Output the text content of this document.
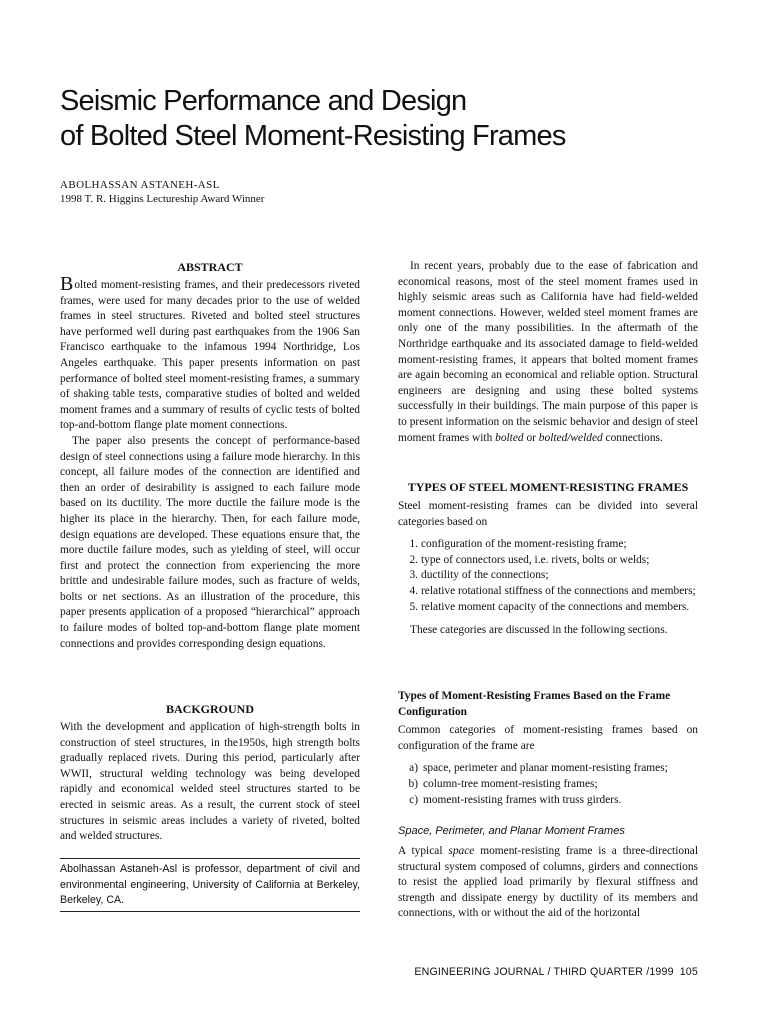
Seismic Performance and Design
of Bolted Steel Moment-Resisting Frames
ABOLHASSAN ASTANEH-ASL
1998 T. R. Higgins Lectureship Award Winner
ABSTRACT

Bolted moment-resisting frames, and their predecessors riveted frames, were used for many decades prior to the use of welded frames in steel structures. Riveted and bolted steel structures have performed well during past earthquakes from the 1906 San Francisco earthquake to the infamous 1994 Northridge, Los Angeles earthquake. This paper presents information on past performance of bolted steel moment-resisting frames, a summary of shaking table tests, comparative studies of bolted and welded moment frames and a summary of results of cyclic tests of bolted top-and-bottom flange plate moment connections.

The paper also presents the concept of performance-based design of steel connections using a failure mode hierarchy. In this concept, all failure modes of the connection are identified and then an order of desirability is assigned to each failure mode based on its ductility. The more ductile the failure mode is the higher its place in the hierarchy. Then, for each failure mode, design equations are developed. These equations ensure that, the more ductile failure modes, such as yielding of steel, will occur first and protect the connection from experiencing the more brittle and undesirable failure modes, such as fracture of welds, bolts or net sections. As an illustration of the procedure, this paper presents application of a proposed “hierarchical” approach to failure modes of bolted top-and-bottom flange plate moment connections and provides corresponding design equations.

BACKGROUND

With the development and application of high-strength bolts in construction of steel structures, in the1950s, high strength bolts gradually replaced rivets. During this period, particularly after WWII, structural welding technology was being developed rapidly and economical welded steel structures started to be erected in seismic areas. As a result, the current stock of steel structures in seismic areas includes a variety of riveted, bolted and welded structures.

Abolhassan Astaneh-Asl is professor, department of civil and environmental engineering, University of California at Berkeley, Berkeley, CA.

In recent years, probably due to the ease of fabrication and economical reasons, most of the steel moment frames used in highly seismic areas such as California have had field-welded moment connections. However, welded steel moment frames are only one of the many possibilities. In the aftermath of the Northridge earthquake and its associated damage to field-welded moment-resisting frames, it appears that bolted moment frames are again becoming an economical and reliable option. Structural engineers are designing and using these bolted systems successfully in their buildings. The main purpose of this paper is to present information on the seismic behavior and design of steel moment frames with bolted or bolted/welded connections.

TYPES OF STEEL MOMENT-RESISTING FRAMES

Steel moment-resisting frames can be divided into several categories based on

1. configuration of the moment-resisting frame;
2. type of connectors used, i.e. rivets, bolts or welds;
3. ductility of the connections;
4. relative rotational stiffness of the connections and members;
5. relative moment capacity of the connections and members.

These categories are discussed in the following sections.

Types of Moment-Resisting Frames Based on the Frame Configuration

Common categories of moment-resisting frames based on configuration of the frame are

a) space, perimeter and planar moment-resisting frames;
b) column-tree moment-resisting frames;
c) moment-resisting frames with truss girders.
Space, Perimeter, and Planar Moment Frames

A typical space moment-resisting frame is a three-directional structural system composed of columns, girders and connections to resist the applied load primarily by flexural stiffness and strength and dissipate energy by ductility of its members and connections, with or without the aid of the horizontal

ENGINEERING JOURNAL / THIRD QUARTER /1999 105
